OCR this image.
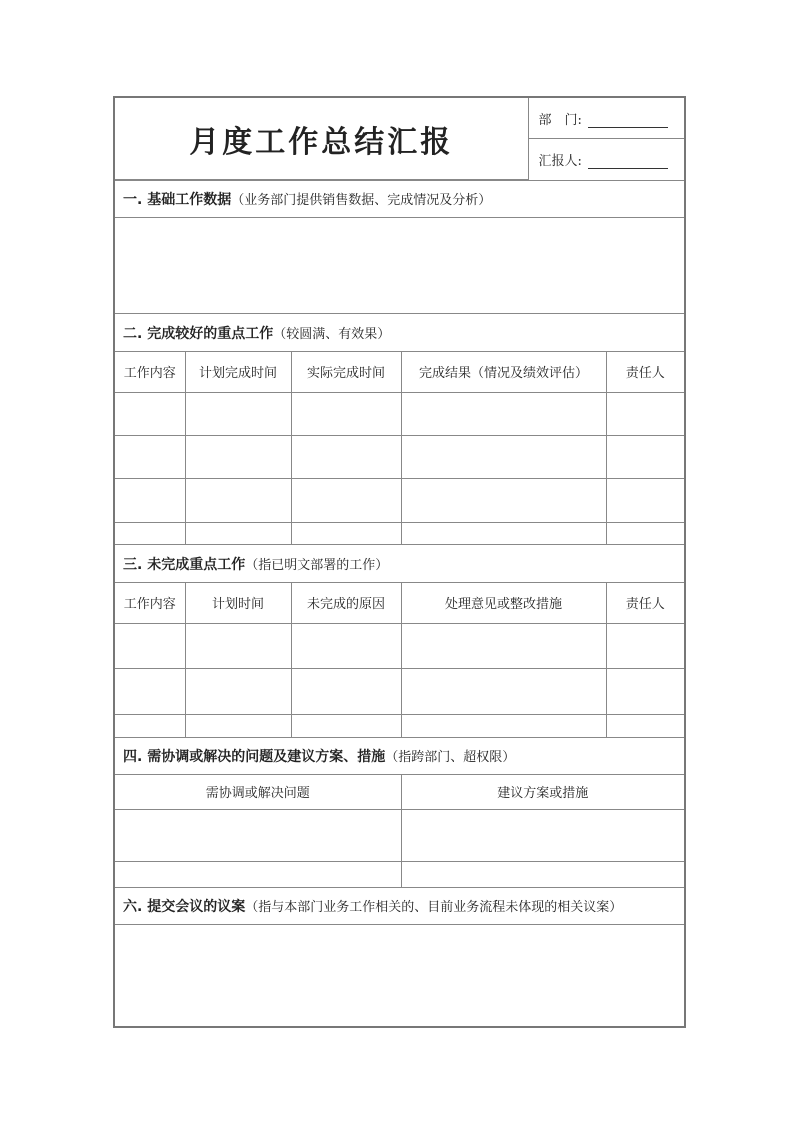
月度工作总结汇报	部　门:
汇报人:

一. 基础工作数据（业务部门提供销售数据、完成情况及分析）

二. 完成较好的重点工作（较圆满、有效果）

工作内容	计划完成时间	实际完成时间	完成结果（情况及绩效评估）	责任人

三. 未完成重点工作（指已明文部署的工作）

工作内容	计划时间	未完成的原因	处理意见或整改措施	责任人

四. 需协调或解决的问题及建议方案、措施（指跨部门、超权限）

需协调或解决问题	建议方案或措施

六. 提交会议的议案（指与本部门业务工作相关的、目前业务流程未体现的相关议案）
